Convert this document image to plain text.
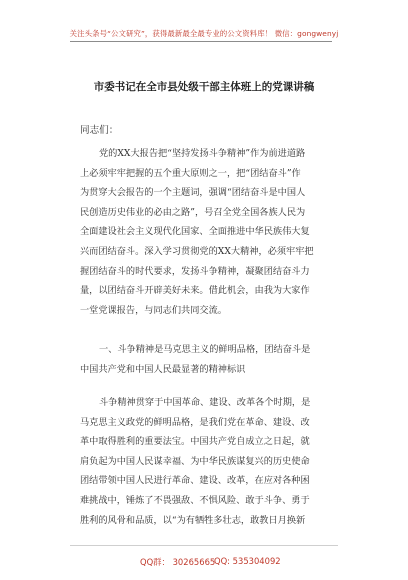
关注头条号“公文研究”，获得最新最全最专业的公文资料库！ 微信：gongwenyj
市委书记在全市县处级干部主体班上的党课讲稿
同志们：
党的XX大报告把“坚持发扬斗争精神”作为前进道路
上必须牢牢把握的五个重大原则之一，把“团结奋斗”作
为贯穿大会报告的一个主题词，强调“团结奋斗是中国人
民创造历史伟业的必由之路”，号召全党全国各族人民为
全面建设社会主义现代化国家、全面推进中华民族伟大复
兴而团结奋斗。深入学习贯彻党的XX大精神，必须牢牢把
握团结奋斗的时代要求，发扬斗争精神，凝聚团结奋斗力
量，以团结奋斗开辟美好未来。借此机会，由我为大家作
一堂党课报告，与同志们共同交流。
一、斗争精神是马克思主义的鲜明品格，团结奋斗是
中国共产党和中国人民最显著的精神标识
斗争精神贯穿于中国革命、建设、改革各个时期，是
马克思主义政党的鲜明品格，是我们党在革命、建设、改
革中取得胜利的重要法宝。中国共产党自成立之日起，就
肩负起为中国人民谋幸福、为中华民族谋复兴的历史使命
团结带领中国人民进行革命、建设、改革，在应对各种困
难挑战中，锤炼了不畏强敌、不惧风险、敢于斗争、勇于
胜利的风骨和品质，以“为有牺牲多壮志，敢教日月换新
QQ群： 30265665
QQ: 535304092
